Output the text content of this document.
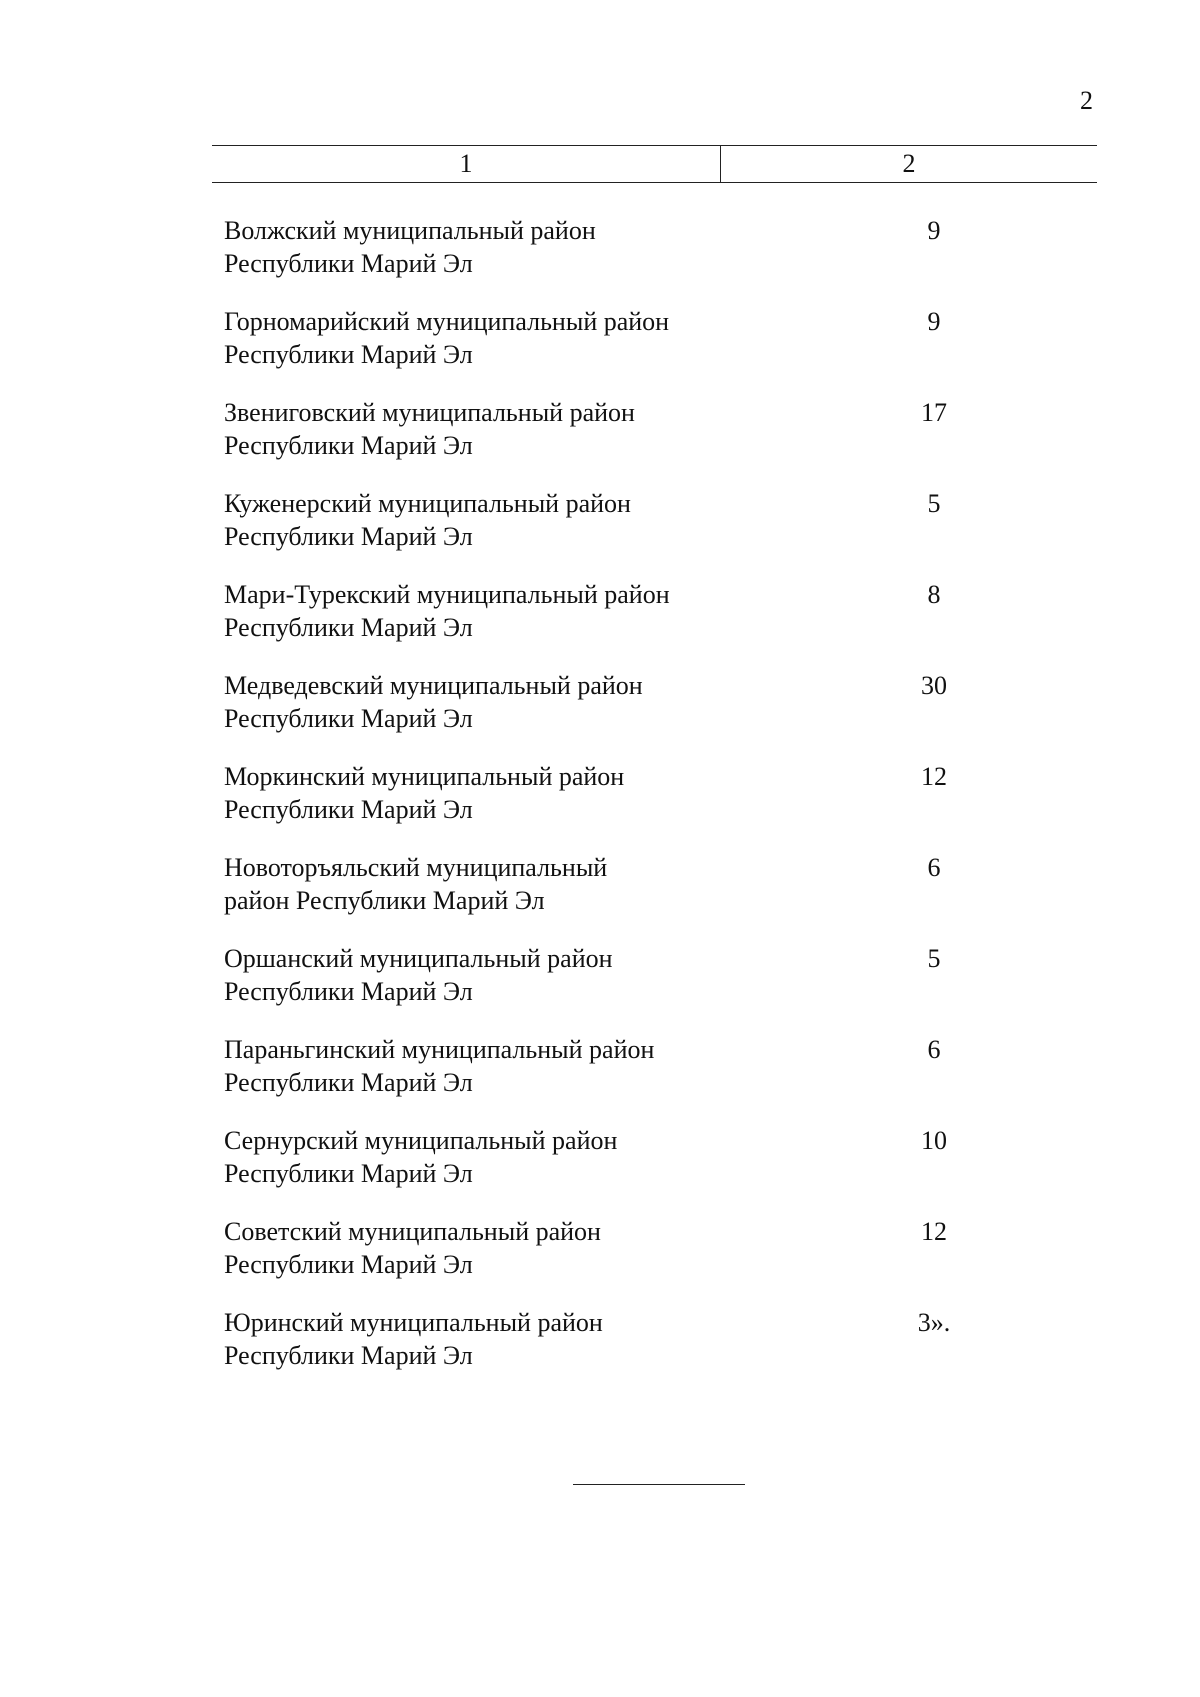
2
1	2
Волжский муниципальный район
Республики Марий Эл
9
Горномарийский муниципальный район
Республики Марий Эл
9
Звениговский муниципальный район
Республики Марий Эл
17
Куженерский муниципальный район
Республики Марий Эл
5
Мари-Турекский муниципальный район
Республики Марий Эл
8
Медведевский муниципальный район
Республики Марий Эл
30
Моркинский муниципальный район
Республики Марий Эл
12
Новоторъяльский муниципальный
район Республики Марий Эл
6
Оршанский муниципальный район
Республики Марий Эл
5
Параньгинский муниципальный район
Республики Марий Эл
6
Сернурский муниципальный район
Республики Марий Эл
10
Советский муниципальный район
Республики Марий Эл
12
Юринский муниципальный район
Республики Марий Эл
3».
